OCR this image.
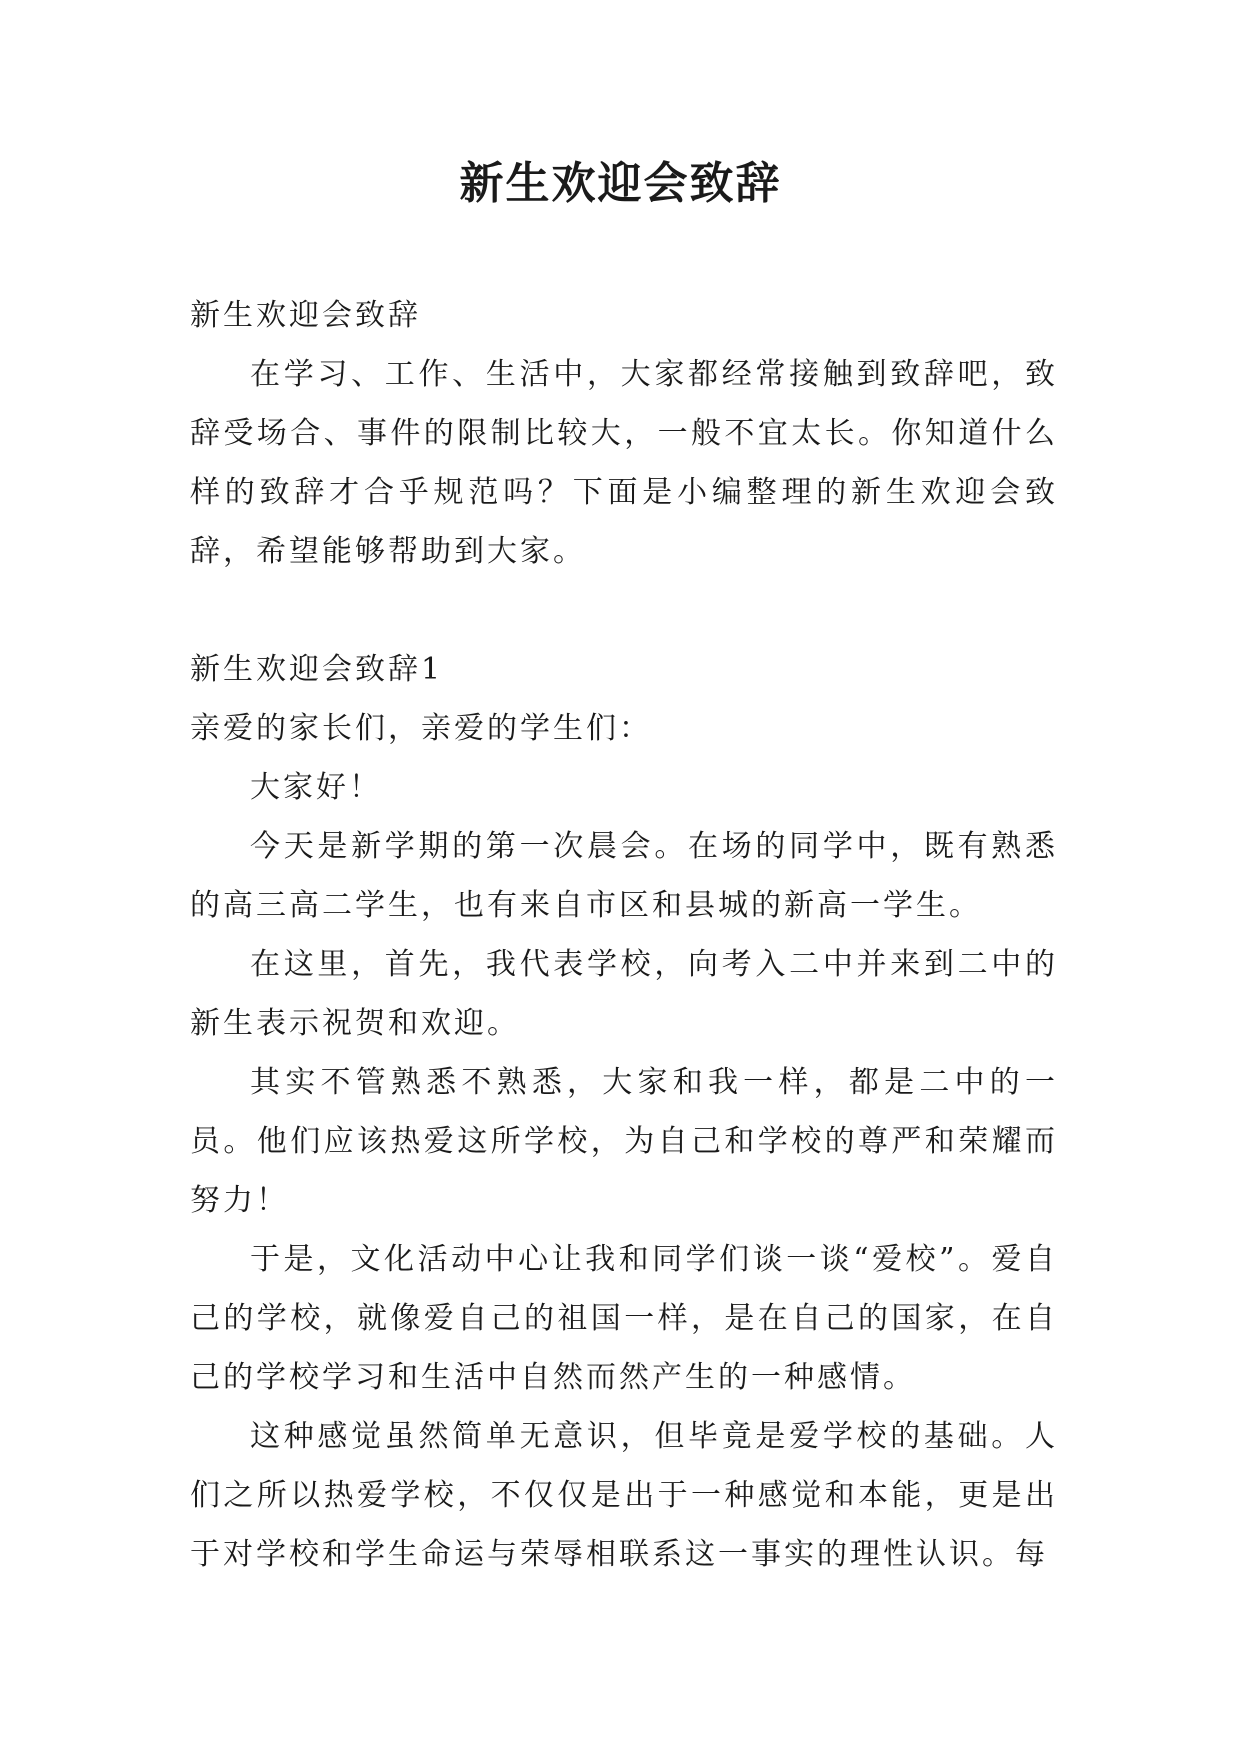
新生欢迎会致辞

新生欢迎会致辞

在学习、工作、生活中，大家都经常接触到致辞吧，致辞受场合、事件的限制比较大，一般不宜太长。你知道什么样的致辞才合乎规范吗？下面是小编整理的新生欢迎会致辞，希望能够帮助到大家。

新生欢迎会致辞1

亲爱的家长们，亲爱的学生们：

大家好！

今天是新学期的第一次晨会。在场的同学中，既有熟悉的高三高二学生，也有来自市区和县城的新高一学生。

在这里，首先，我代表学校，向考入二中并来到二中的新生表示祝贺和欢迎。

其实不管熟悉不熟悉，大家和我一样，都是二中的一员。他们应该热爱这所学校，为自己和学校的尊严和荣耀而努力！

于是，文化活动中心让我和同学们谈一谈“爱校”。爱自己的学校，就像爱自己的祖国一样，是在自己的国家，在自己的学校学习和生活中自然而然产生的一种感情。

这种感觉虽然简单无意识，但毕竟是爱学校的基础。人们之所以热爱学校，不仅仅是出于一种感觉和本能，更是出于对学校和学生命运与荣辱相联系这一事实的理性认识。每
